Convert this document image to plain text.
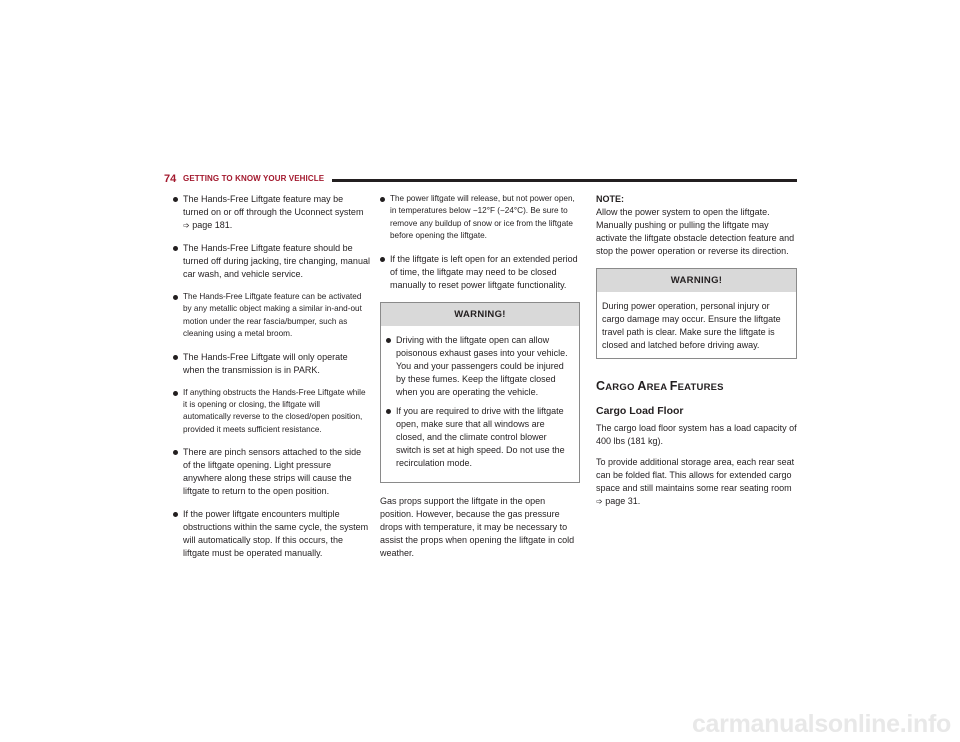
74 GETTING TO KNOW YOUR VEHICLE
The Hands-Free Liftgate feature may be turned on or off through the Uconnect system
➩ page 181.
The Hands-Free Liftgate feature should be turned off during jacking, tire changing, manual car wash, and vehicle service.
The Hands-Free Liftgate feature can be activated by any metallic object making a similar in-and-out motion under the rear fascia/bumper, such as cleaning using a metal broom.
The Hands-Free Liftgate will only operate when the transmission is in PARK.
If anything obstructs the Hands-Free Liftgate while it is opening or closing, the liftgate will automatically reverse to the closed/open position, provided it meets sufficient resistance.
There are pinch sensors attached to the side of the liftgate opening. Light pressure anywhere along these strips will cause the liftgate to return to the open position.
If the power liftgate encounters multiple obstructions within the same cycle, the system will automatically stop. If this occurs, the liftgate must be operated manually.
The power liftgate will release, but not power open, in temperatures below −12°F (−24°C). Be sure to remove any buildup of snow or ice from the liftgate before opening the liftgate.
If the liftgate is left open for an extended period of time, the liftgate may need to be closed manually to reset power liftgate functionality.
WARNING!
Driving with the liftgate open can allow poisonous exhaust gases into your vehicle. You and your passengers could be injured by these fumes. Keep the liftgate closed when you are operating the vehicle.
If you are required to drive with the liftgate open, make sure that all windows are closed, and the climate control blower switch is set at high speed. Do not use the recirculation mode.

Gas props support the liftgate in the open position. However, because the gas pressure drops with temperature, it may be necessary to assist the props when opening the liftgate in cold weather.

NOTE:
Allow the power system to open the liftgate. Manually pushing or pulling the liftgate may activate the liftgate obstacle detection feature and stop the power operation or reverse its direction.

WARNING!

During power operation, personal injury or cargo damage may occur. Ensure the liftgate travel path is clear. Make sure the liftgate is closed and latched before driving away.

CARGO AREA FEATURES
Cargo Load Floor

The cargo load floor system has a load capacity of 400 lbs (181 kg).

To provide additional storage area, each rear seat can be folded flat. This allows for extended cargo space and still maintains some rear seating room ➩ page 31.

carmanualsonline.info
